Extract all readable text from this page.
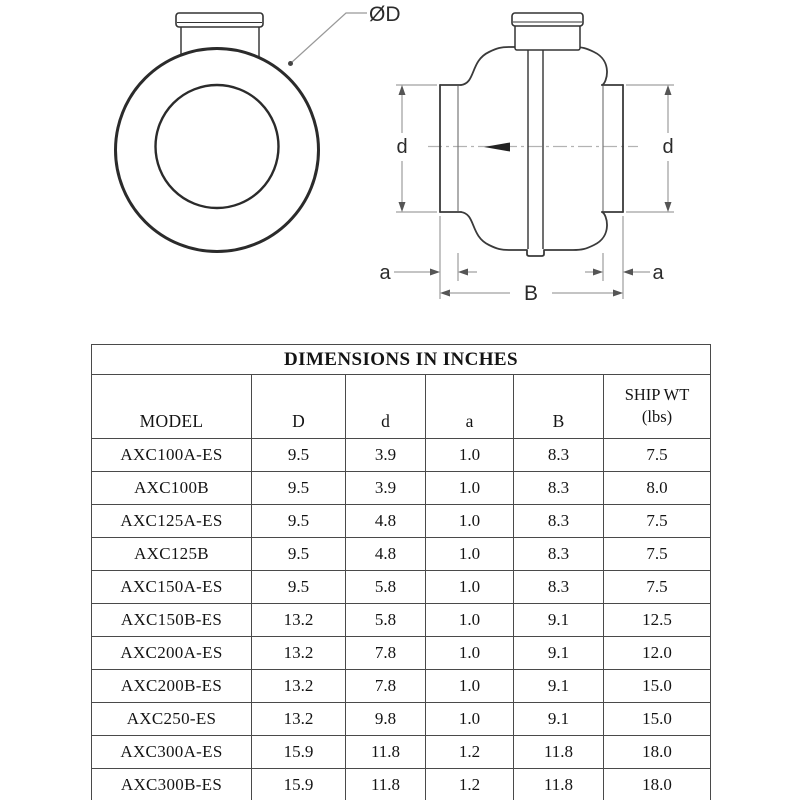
ØD
d	d
a	a
B
DIMENSIONS IN INCHES					
MODEL	D	d	a	B	SHIP WT
(lbs)

AXC100A-ES	9.5	3.9	1.0	8.3	7.5
AXC100B	9.5	3.9	1.0	8.3	8.0
AXC125A-ES	9.5	4.8	1.0	8.3	7.5
AXC125B	9.5	4.8	1.0	8.3	7.5
AXC150A-ES	9.5	5.8	1.0	8.3	7.5
AXC150B-ES	13.2	5.8	1.0	9.1	12.5
AXC200A-ES	13.2	7.8	1.0	9.1	12.0
AXC200B-ES	13.2	7.8	1.0	9.1	15.0
AXC250-ES	13.2	9.8	1.0	9.1	15.0
AXC300A-ES	15.9	11.8	1.2	11.8	18.0
AXC300B-ES	15.9	11.8	1.2	11.8	18.0
